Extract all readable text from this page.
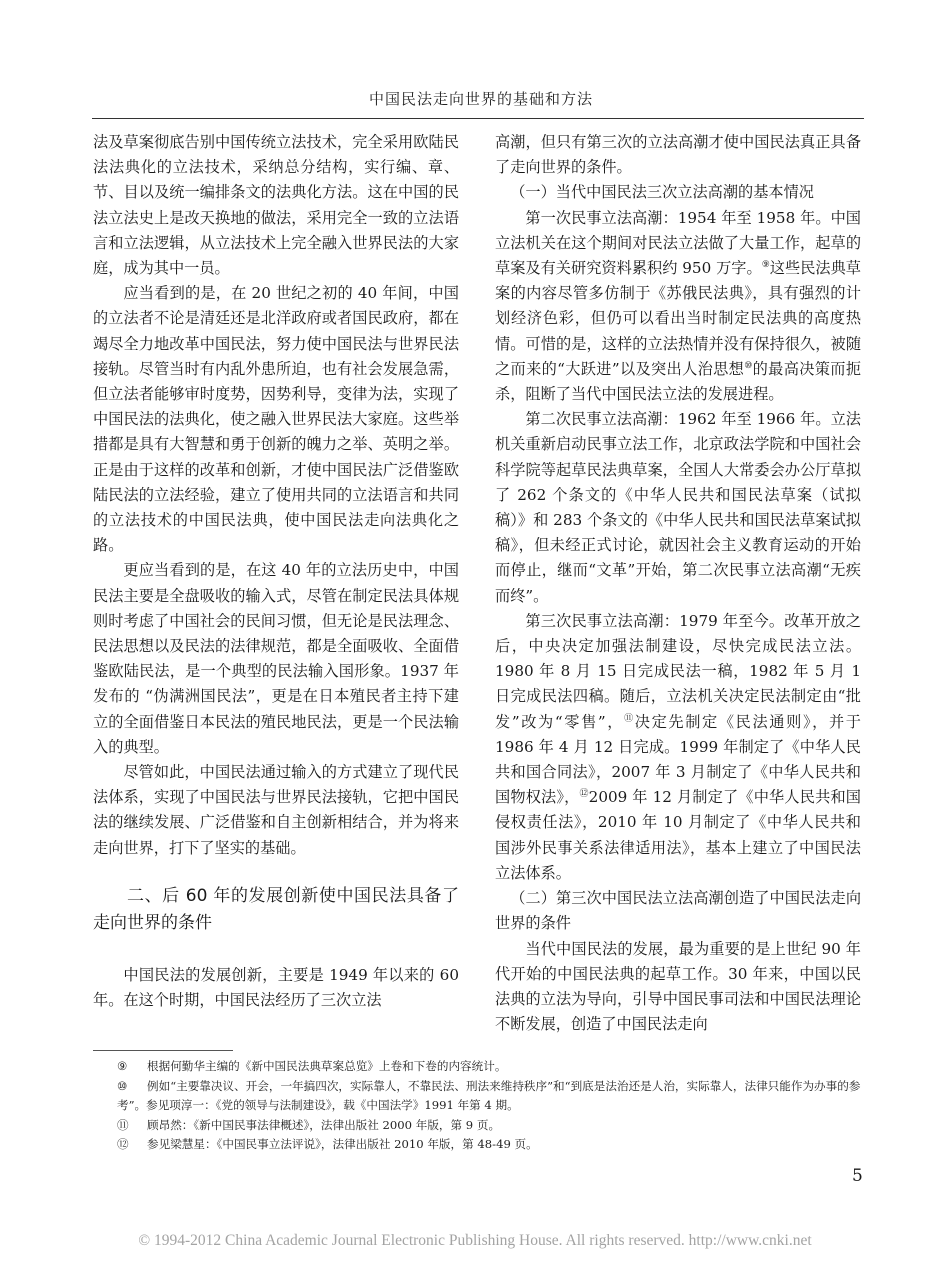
中国民法走向世界的基础和方法

法及草案彻底告别中国传统立法技术，完全采用欧陆民法法典化的立法技术，采纳总分结构，实行编、章、节、目以及统一编排条文的法典化方法。这在中国的民法立法史上是改天换地的做法，采用完全一致的立法语言和立法逻辑，从立法技术上完全融入世界民法的大家庭，成为其中一员。

应当看到的是，在 20 世纪之初的 40 年间，中国的立法者不论是清廷还是北洋政府或者国民政府，都在竭尽全力地改革中国民法，努力使中国民法与世界民法接轨。尽管当时有内乱外患所迫，也有社会发展急需，但立法者能够审时度势，因势利导，变律为法，实现了中国民法的法典化，使之融入世界民法大家庭。这些举措都是具有大智慧和勇于创新的魄力之举、英明之举。正是由于这样的改革和创新，才使中国民法广泛借鉴欧陆民法的立法经验，建立了使用共同的立法语言和共同的立法技术的中国民法典，使中国民法走向法典化之路。

更应当看到的是，在这 40 年的立法历史中，中国民法主要是全盘吸收的输入式，尽管在制定民法具体规则时考虑了中国社会的民间习惯，但无论是民法理念、民法思想以及民法的法律规范，都是全面吸收、全面借鉴欧陆民法，是一个典型的民法输入国形象。1937 年发布的 “伪满洲国民法”，更是在日本殖民者主持下建立的全面借鉴日本民法的殖民地民法，更是一个民法输入的典型。

尽管如此，中国民法通过输入的方式建立了现代民法体系，实现了中国民法与世界民法接轨，它把中国民法的继续发展、广泛借鉴和自主创新相结合，并为将来走向世界，打下了坚实的基础。

二、后 60 年的发展创新使中国民法具备了走向世界的条件

中国民法的发展创新，主要是 1949 年以来的 60 年。在这个时期，中国民法经历了三次立法

高潮，但只有第三次的立法高潮才使中国民法真正具备了走向世界的条件。

（一）当代中国民法三次立法高潮的基本情况

第一次民事立法高潮：1954 年至 1958 年。中国立法机关在这个期间对民法立法做了大量工作，起草的草案及有关研究资料累积约 950 万字。⑨这些民法典草案的内容尽管多仿制于《苏俄民法典》，具有强烈的计划经济色彩，但仍可以看出当时制定民法典的高度热情。可惜的是，这样的立法热情并没有保持很久，被随之而来的“大跃进”以及突出人治思想⑩的最高决策而扼杀，阻断了当代中国民法立法的发展进程。

第二次民事立法高潮：1962 年至 1966 年。立法机关重新启动民事立法工作，北京政法学院和中国社会科学院等起草民法典草案，全国人大常委会办公厅草拟了 262 个条文的《中华人民共和国民法草案（试拟稿）》和 283 个条文的《中华人民共和国民法草案试拟稿》，但未经正式讨论，就因社会主义教育运动的开始而停止，继而“文革”开始，第二次民事立法高潮“无疾而终”。

第三次民事立法高潮：1979 年至今。改革开放之后，中央决定加强法制建设，尽快完成民法立法。1980 年 8 月 15 日完成民法一稿，1982 年 5 月 1 日完成民法四稿。随后，立法机关决定民法制定由“批发”改为“零售”，⑪决定先制定《民法通则》，并于 1986 年 4 月 12 日完成。1999 年制定了《中华人民共和国合同法》，2007 年 3 月制定了《中华人民共和国物权法》，⑫2009 年 12 月制定了《中华人民共和国侵权责任法》，2010 年 10 月制定了《中华人民共和国涉外民事关系法律适用法》，基本上建立了中国民法立法体系。

（二）第三次中国民法立法高潮创造了中国民法走向世界的条件

当代中国民法的发展，最为重要的是上世纪 90 年代开始的中国民法典的起草工作。30 年来，中国以民法典的立法为导向，引导中国民事司法和中国民法理论不断发展，创造了中国民法走向

⑨ 根据何勤华主编的《新中国民法典草案总览》上卷和下卷的内容统计。

⑩ 例如“主要靠决议、开会，一年搞四次，实际靠人，不靠民法、刑法来维持秩序”和“到底是法治还是人治，实际靠人，法律只能作为办事的参考”。参见项淳一：《党的领导与法制建设》，载《中国法学》1991 年第 4 期。

⑪ 顾昂然：《新中国民事法律概述》，法律出版社 2000 年版，第 9 页。

⑫ 参见梁慧星：《中国民事立法评说》，法律出版社 2010 年版，第 48-49 页。

5
© 1994-2012 China Academic Journal Electronic Publishing House. All rights reserved. http://www.cnki.net
